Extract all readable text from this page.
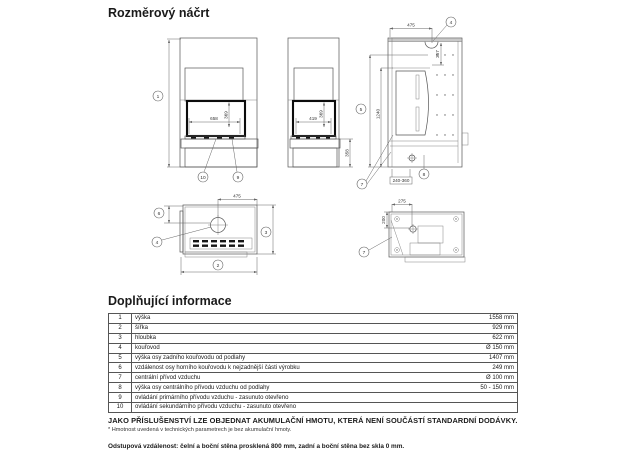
Rozměrový náčrt
1
658 369
10	9
419
369
358
475	4
357
5	1240
240-360
8
7
475
6
4
3
2
275
200
7
Doplňující informace
1	výška	1558 mm
2	šířka	929 mm
3	hloubka	622 mm
4	kouřovod	Ø 150 mm
5	výška osy zadního kouřovodu od podlahy	1407 mm
6	vzdálenost osy horního kouřovodu k nejzadnější části výrobku	249 mm
7	centrální přívod vzduchu	Ø 100 mm
8	výška osy centrálního přívodu vzduchu od podlahy	50 - 150 mm
9	ovládání primárního přívodu vzduchu - zasunuto otevřeno	
10	ovládání sekundárního přívodu vzduchu - zasunuto otevřeno	
JAKO PŘÍSLUŠENSTVÍ LZE OBJEDNAT AKUMULAČNÍ HMOTU, KTERÁ NENÍ SOUČÁSTÍ STANDARDNÍ DODÁVKY.
* Hmotnost uvedená v technických parametrech je bez akumulační hmoty.
Odstupová vzdálenost: čelní a boční stěna prosklená 800 mm, zadní a boční stěna bez skla 0 mm.
